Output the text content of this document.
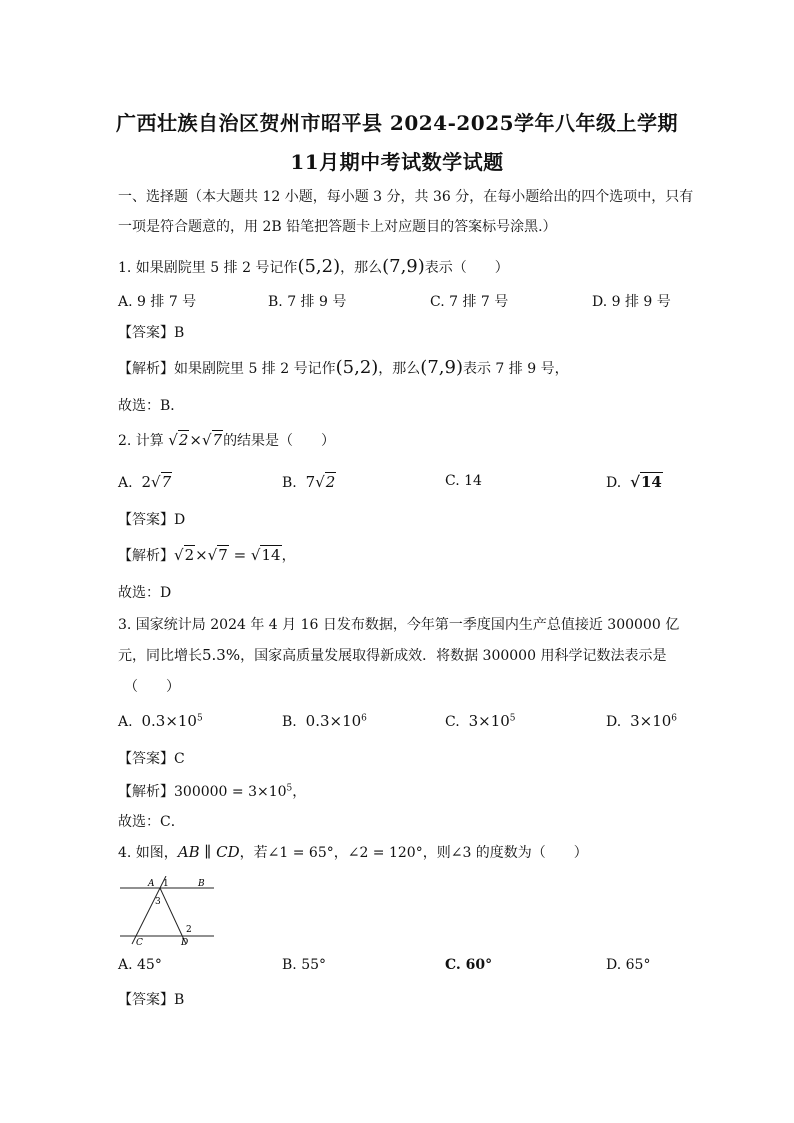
广西壮族自治区贺州市昭平县 2024-2025学年八年级上学期
11月期中考试数学试题
一、选择题（本大题共 12 小题，每小题 3 分，共 36 分，在每小题给出的四个选项中，只有
一项是符合题意的，用 2B 铅笔把答题卡上对应题目的答案标号涂黑.）
1. 如果剧院里 5 排 2 号记作(5,2)，那么(7,9)表示（　　）
A. 9 排 7 号	B. 7 排 9 号	C. 7 排 7 号	D. 9 排 9 号
【答案】B
【解析】如果剧院里 5 排 2 号记作(5,2)，那么(7,9)表示 7 排 9 号，
故选：B．
2. 计算 √2×√7的结果是（　　）
A. 2√7	B. 7√2	C. 14	D. √14
【答案】D
【解析】√2×√7 = √14，
故选：D
3. 国家统计局 2024 年 4 月 16 日发布数据，今年第一季度国内生产总值接近 300000 亿
元，同比增长5.3%，国家高质量发展取得新成效．将数据 300000 用科学记数法表示是
（　　）
A. $0.3\times 10^5$	B. $0.3\times 10^6$	C. $3\times 10^5$	D. $3\times 10^6$
【答案】C
【解析】$300000 = 3\times 10^5$，
故选：C．
4. 如图，AB ∥ CD，若∠1 = 65°，∠2 = 120°，则∠3 的度数为（　　）
A 1	B
3
2
C	D
A. 45°	B. 55°	C. 60°	D. 65°
【答案】B
